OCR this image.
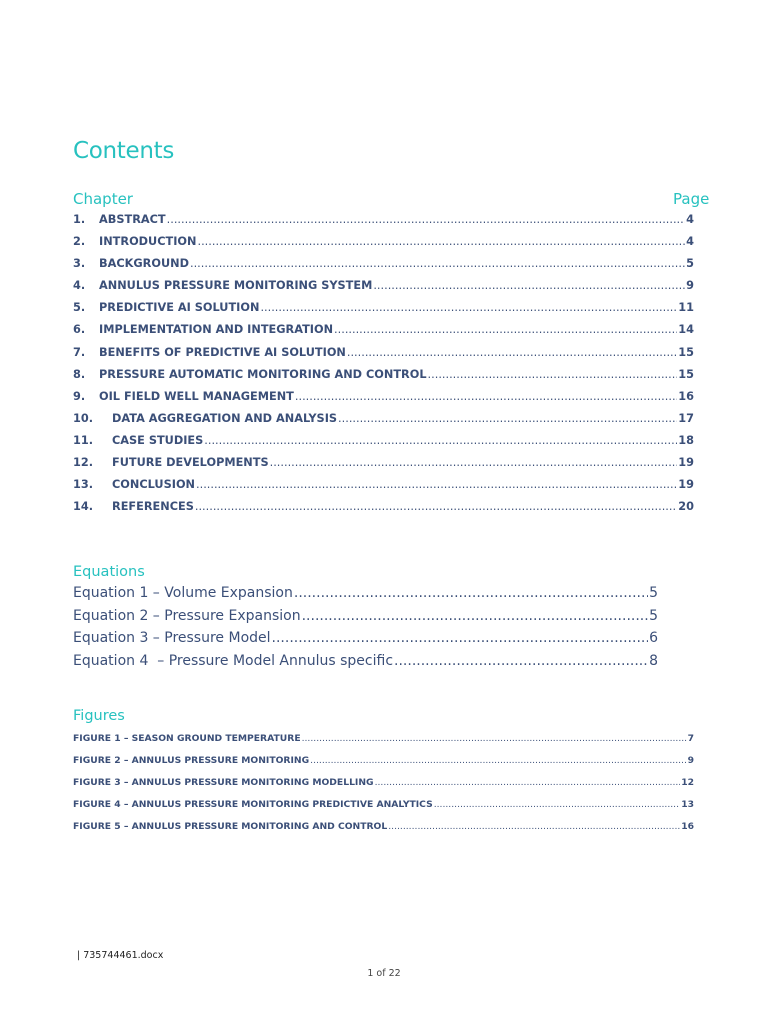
Contents
Chapter	Page
1.	ABSTRACT .....	4
2.	INTRODUCTION .....	4
3.	BACKGROUND .....	5
4.	ANNULUS PRESSURE MONITORING SYSTEM .....	9
5.	PREDICTIVE AI SOLUTION .....	11
6.	IMPLEMENTATION AND INTEGRATION .....	14
7.	BENEFITS OF PREDICTIVE AI SOLUTION .....	15
8.	PRESSURE AUTOMATIC MONITORING AND CONTROL .....	15
9.	OIL FIELD WELL MANAGEMENT .....	16
10.	DATA AGGREGATION AND ANALYSIS .....	17
11.	CASE STUDIES .....	18
12.	FUTURE DEVELOPMENTS .....	19
13.	CONCLUSION .....	19
14.	REFERENCES .....	20
Equations
Equation 1 – Volume Expansion .....	5
Equation 2 – Pressure Expansion .....	5
Equation 3 – Pressure Model .....	6
Equation 4  – Pressure Model Annulus specific .....	8
Figures
FIGURE 1 – SEASON GROUND TEMPERATURE .....	7
FIGURE 2 – ANNULUS PRESSURE MONITORING .....	9
FIGURE 3 – ANNULUS PRESSURE MONITORING MODELLING .....	12
FIGURE 4 – ANNULUS PRESSURE MONITORING PREDICTIVE ANALYTICS .....	13
FIGURE 5 – ANNULUS PRESSURE MONITORING AND CONTROL .....	16
| 735744461.docx
1 of 22
